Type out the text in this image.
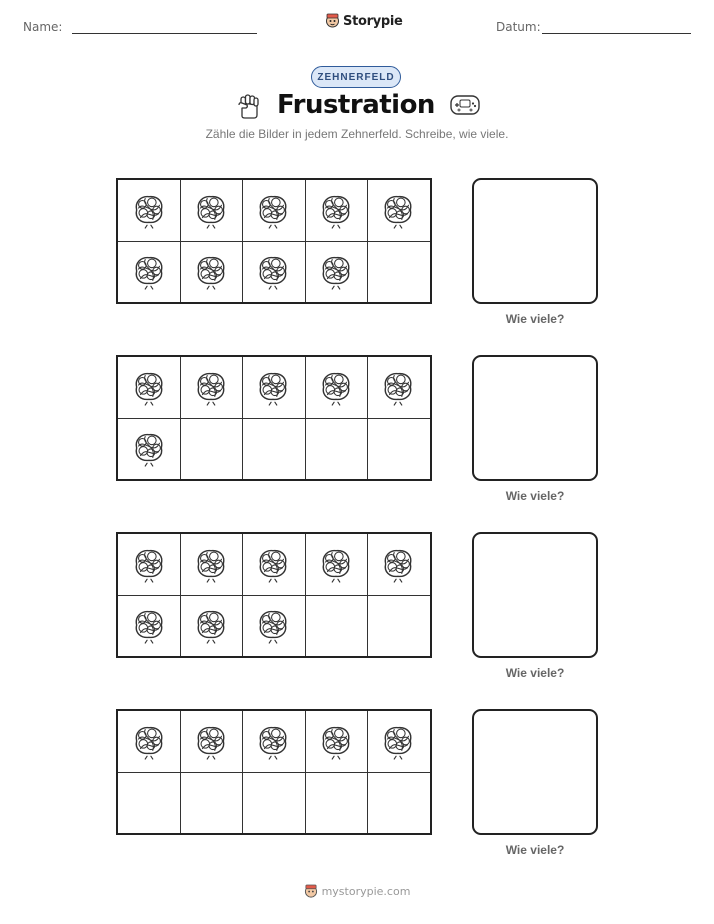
Name:	Storypie	Datum:
ZEHNERFELD
Frustration
Zähle die Bilder in jedem Zehnerfeld. Schreibe, wie viele.
Wie viele?
Wie viele?
Wie viele?
Wie viele?
mystorypie.com
